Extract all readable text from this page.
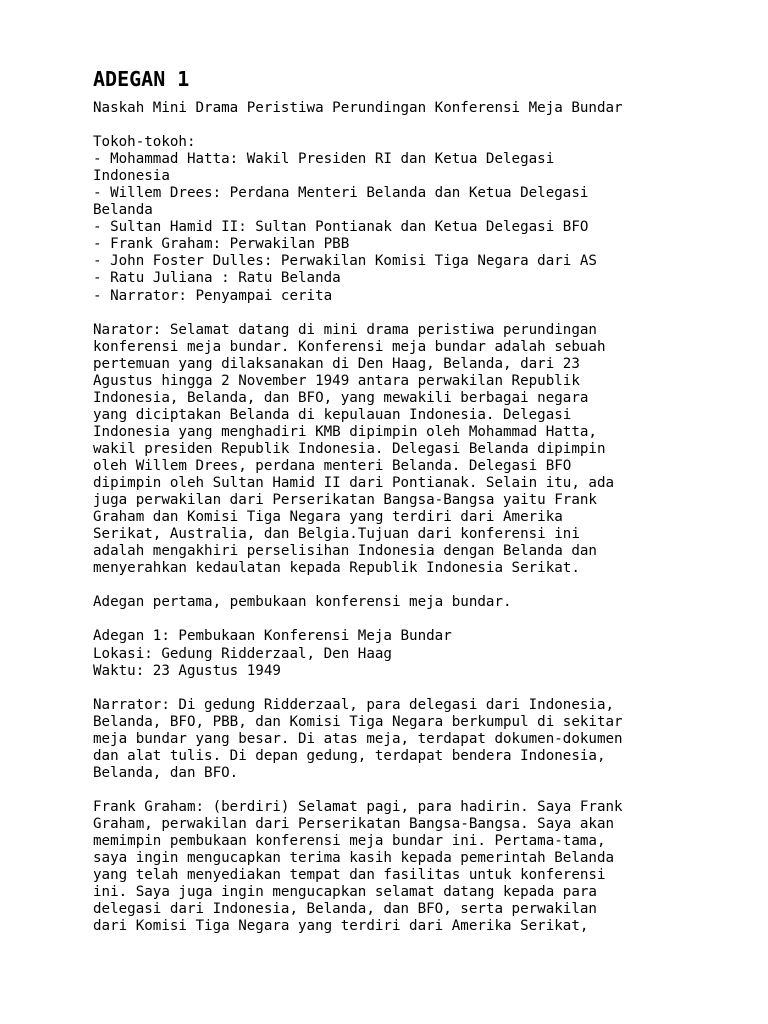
ADEGAN 1
Naskah Mini Drama Peristiwa Perundingan Konferensi Meja Bundar
Tokoh-tokoh:
- Mohammad Hatta: Wakil Presiden RI dan Ketua Delegasi
Indonesia
- Willem Drees: Perdana Menteri Belanda dan Ketua Delegasi
Belanda
- Sultan Hamid II: Sultan Pontianak dan Ketua Delegasi BFO
- Frank Graham: Perwakilan PBB
- John Foster Dulles: Perwakilan Komisi Tiga Negara dari AS
- Ratu Juliana : Ratu Belanda
- Narrator: Penyampai cerita
Narator: Selamat datang di mini drama peristiwa perundingan
konferensi meja bundar. Konferensi meja bundar adalah sebuah
pertemuan yang dilaksanakan di Den Haag, Belanda, dari 23
Agustus hingga 2 November 1949 antara perwakilan Republik
Indonesia, Belanda, dan BFO, yang mewakili berbagai negara
yang diciptakan Belanda di kepulauan Indonesia. Delegasi
Indonesia yang menghadiri KMB dipimpin oleh Mohammad Hatta,
wakil presiden Republik Indonesia. Delegasi Belanda dipimpin
oleh Willem Drees, perdana menteri Belanda. Delegasi BFO
dipimpin oleh Sultan Hamid II dari Pontianak. Selain itu, ada
juga perwakilan dari Perserikatan Bangsa-Bangsa yaitu Frank
Graham dan Komisi Tiga Negara yang terdiri dari Amerika
Serikat, Australia, dan Belgia.Tujuan dari konferensi ini
adalah mengakhiri perselisihan Indonesia dengan Belanda dan
menyerahkan kedaulatan kepada Republik Indonesia Serikat.
Adegan pertama, pembukaan konferensi meja bundar.
Adegan 1: Pembukaan Konferensi Meja Bundar
Lokasi: Gedung Ridderzaal, Den Haag
Waktu: 23 Agustus 1949
Narrator: Di gedung Ridderzaal, para delegasi dari Indonesia,
Belanda, BFO, PBB, dan Komisi Tiga Negara berkumpul di sekitar
meja bundar yang besar. Di atas meja, terdapat dokumen-dokumen
dan alat tulis. Di depan gedung, terdapat bendera Indonesia,
Belanda, dan BFO.
Frank Graham: (berdiri) Selamat pagi, para hadirin. Saya Frank
Graham, perwakilan dari Perserikatan Bangsa-Bangsa. Saya akan
memimpin pembukaan konferensi meja bundar ini. Pertama-tama,
saya ingin mengucapkan terima kasih kepada pemerintah Belanda
yang telah menyediakan tempat dan fasilitas untuk konferensi
ini. Saya juga ingin mengucapkan selamat datang kepada para
delegasi dari Indonesia, Belanda, dan BFO, serta perwakilan
dari Komisi Tiga Negara yang terdiri dari Amerika Serikat,
